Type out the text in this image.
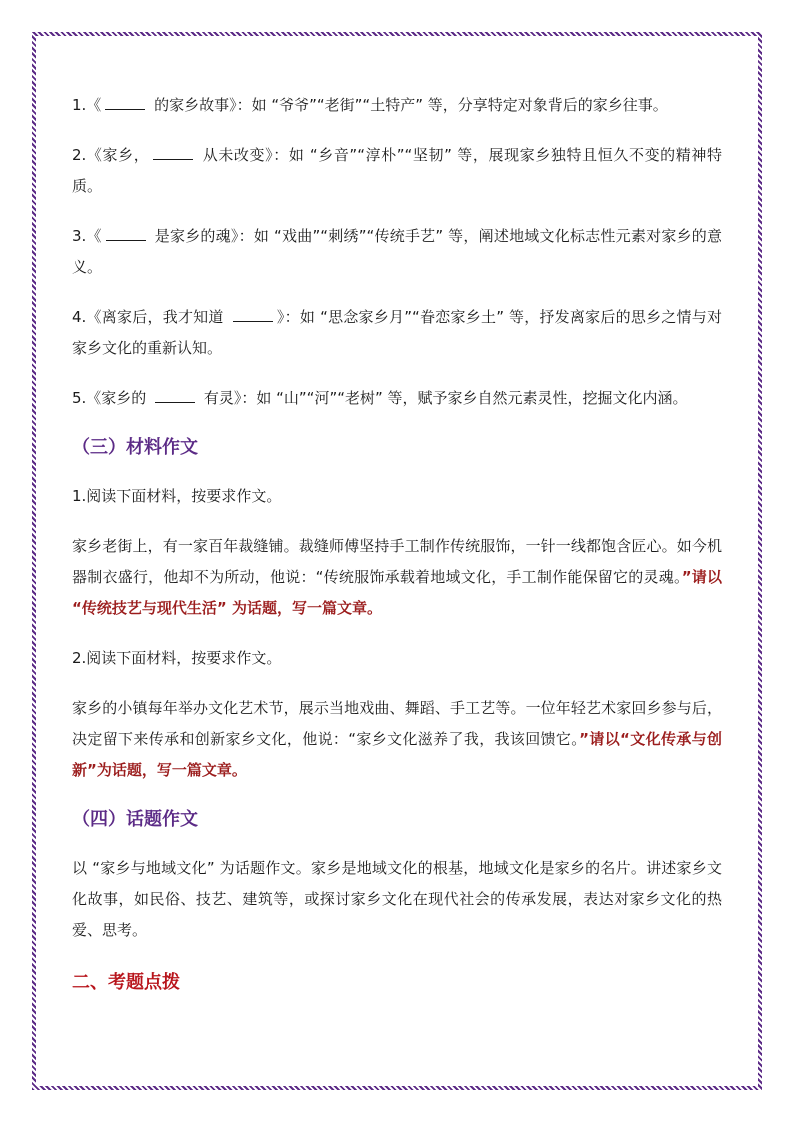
1.《	的家乡故事》：如 “爷爷”“老街”“土特产” 等，分享特定对象背后的家乡往事。

2.《家乡，	从未改变》：如 “乡音”“淳朴”“坚韧” 等，展现家乡独特且恒久不变的精神特质。

3.《	是家乡的魂》：如 “戏曲”“刺绣”“传统手艺” 等，阐述地域文化标志性元素对家乡的意义。

4.《离家后，我才知道	》：如 “思念家乡月”“眷恋家乡土” 等，抒发离家后的思乡之情与对家乡文化的重新认知。

5.《家乡的	有灵》：如 “山”“河”“老树” 等，赋予家乡自然元素灵性，挖掘文化内涵。

（三）材料作文

1.阅读下面材料，按要求作文。

家乡老街上，有一家百年裁缝铺。裁缝师傅坚持手工制作传统服饰，一针一线都饱含匠心。如今机器制衣盛行，他却不为所动，他说：“传统服饰承载着地域文化，手工制作能保留它的灵魂。”请以 “传统技艺与现代生活” 为话题，写一篇文章。

2.阅读下面材料，按要求作文。

家乡的小镇每年举办文化艺术节，展示当地戏曲、舞蹈、手工艺等。一位年轻艺术家回乡参与后，决定留下来传承和创新家乡文化，他说：“家乡文化滋养了我，我该回馈它。”请以“文化传承与创新”为话题，写一篇文章。

（四）话题作文

以 “家乡与地域文化” 为话题作文。家乡是地域文化的根基，地域文化是家乡的名片。讲述家乡文化故事，如民俗、技艺、建筑等，或探讨家乡文化在现代社会的传承发展，表达对家乡文化的热爱、思考。

二、考题点拨
